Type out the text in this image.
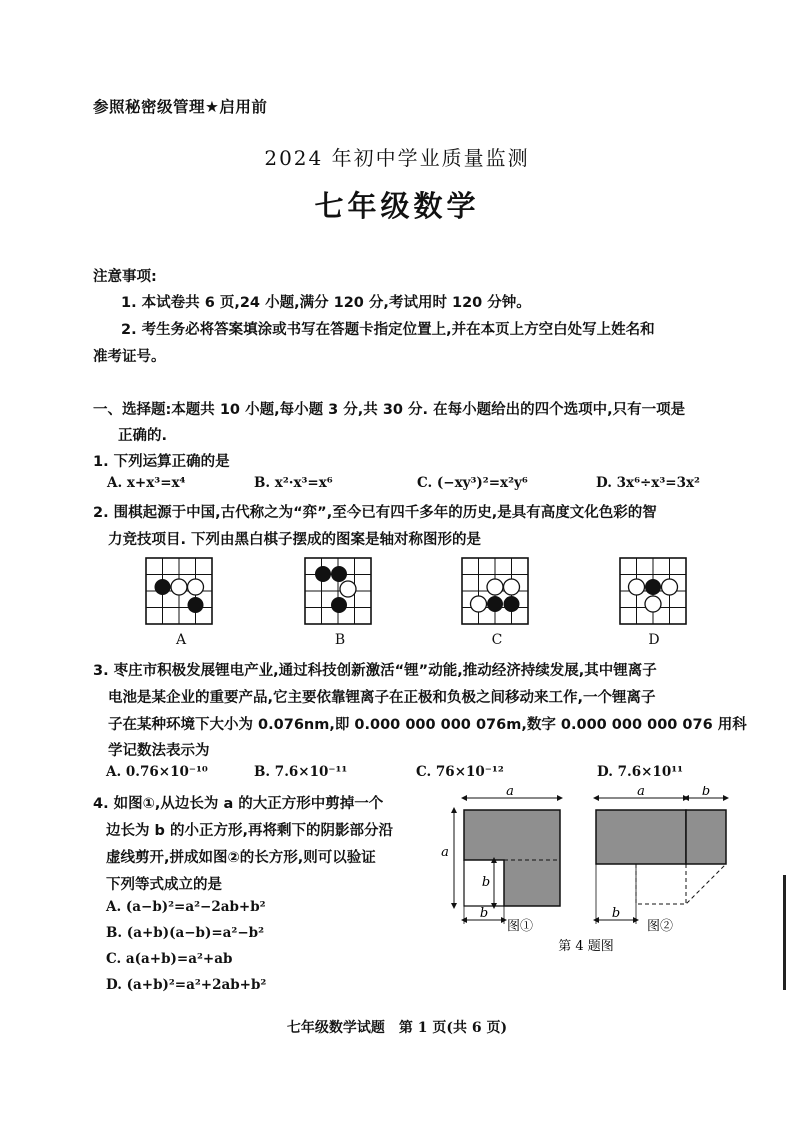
参照秘密级管理★启用前
2024 年初中学业质量监测
七年级数学
注意事项:
1. 本试卷共 6 页,24 小题,满分 120 分,考试用时 120 分钟。
2. 考生务必将答案填涂或书写在答题卡指定位置上,并在本页上方空白处写上姓名和
准考证号。
一、选择题:本题共 10 小题,每小题 3 分,共 30 分. 在每小题给出的四个选项中,只有一项是
正确的.
1. 下列运算正确的是
A. x+x³=x⁴	B. x²·x³=x⁶	C. (−xy³)²=x²y⁶	D. 3x⁶÷x³=3x²
2. 围棋起源于中国,古代称之为“弈”,至今已有四千多年的历史,是具有高度文化色彩的智
力竞技项目. 下列由黑白棋子摆成的图案是轴对称图形的是
A	B	C	D
3. 枣庄市积极发展锂电产业,通过科技创新激活“锂”动能,推动经济持续发展,其中锂离子
电池是某企业的重要产品,它主要依靠锂离子在正极和负极之间移动来工作,一个锂离子
子在某种环境下大小为 0.076nm,即 0.000 000 000 076m,数字 0.000 000 000 076 用科
学记数法表示为
A. 0.76×10⁻¹⁰	B. 7.6×10⁻¹¹	C. 76×10⁻¹²	D. 7.6×10¹¹
4. 如图①,从边长为 a 的大正方形中剪掉一个
边长为 b 的小正方形,再将剩下的阴影部分沿
虚线剪开,拼成如图②的长方形,则可以验证
下列等式成立的是
A. (a−b)²=a²−2ab+b²
B. (a+b)(a−b)=a²−b²
C. a(a+b)=a²+ab
D. (a+b)²=a²+2ab+b²
a
a
b
b
图①
a	b
b
图②
第 4 题图
七年级数学试题　第 1 页(共 6 页)
